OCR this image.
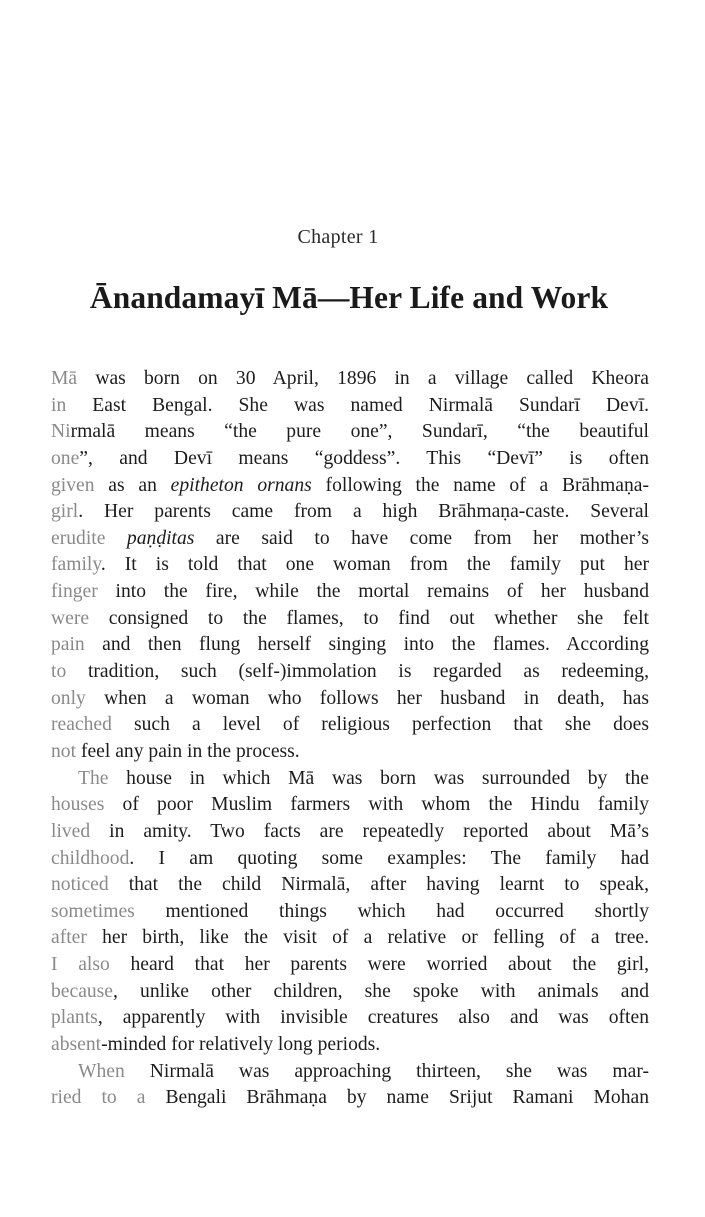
Chapter 1
Ānandamayī Mā—Her Life and Work
Mā was born on 30 April, 1896 in a village called Kheora
in East Bengal. She was named Nirmalā Sundarī Devī.
Nirmalā means “the pure one”, Sundarī, “the beautiful
one”, and Devī means “goddess”. This “Devī” is often
given as an epitheton ornans following the name of a Brāhmaṇa-
girl. Her parents came from a high Brāhmaṇa-caste. Several
erudite paṇḍitas are said to have come from her mother’s
family. It is told that one woman from the family put her
finger into the fire, while the mortal remains of her husband
were consigned to the flames, to find out whether she felt
pain and then flung herself singing into the flames. According
to tradition, such (self-)immolation is regarded as redeeming,
only when a woman who follows her husband in death, has
reached such a level of religious perfection that she does
not feel any pain in the process.
The house in which Mā was born was surrounded by the
houses of poor Muslim farmers with whom the Hindu family
lived in amity. Two facts are repeatedly reported about Mā’s
childhood. I am quoting some examples: The family had
noticed that the child Nirmalā, after having learnt to speak,
sometimes mentioned things which had occurred shortly
after her birth, like the visit of a relative or felling of a tree.
I also heard that her parents were worried about the girl,
because, unlike other children, she spoke with animals and
plants, apparently with invisible creatures also and was often
absent-minded for relatively long periods.
When Nirmalā was approaching thirteen, she was mar-
ried to a Bengali Brāhmaṇa by name Srijut Ramani Mohan
